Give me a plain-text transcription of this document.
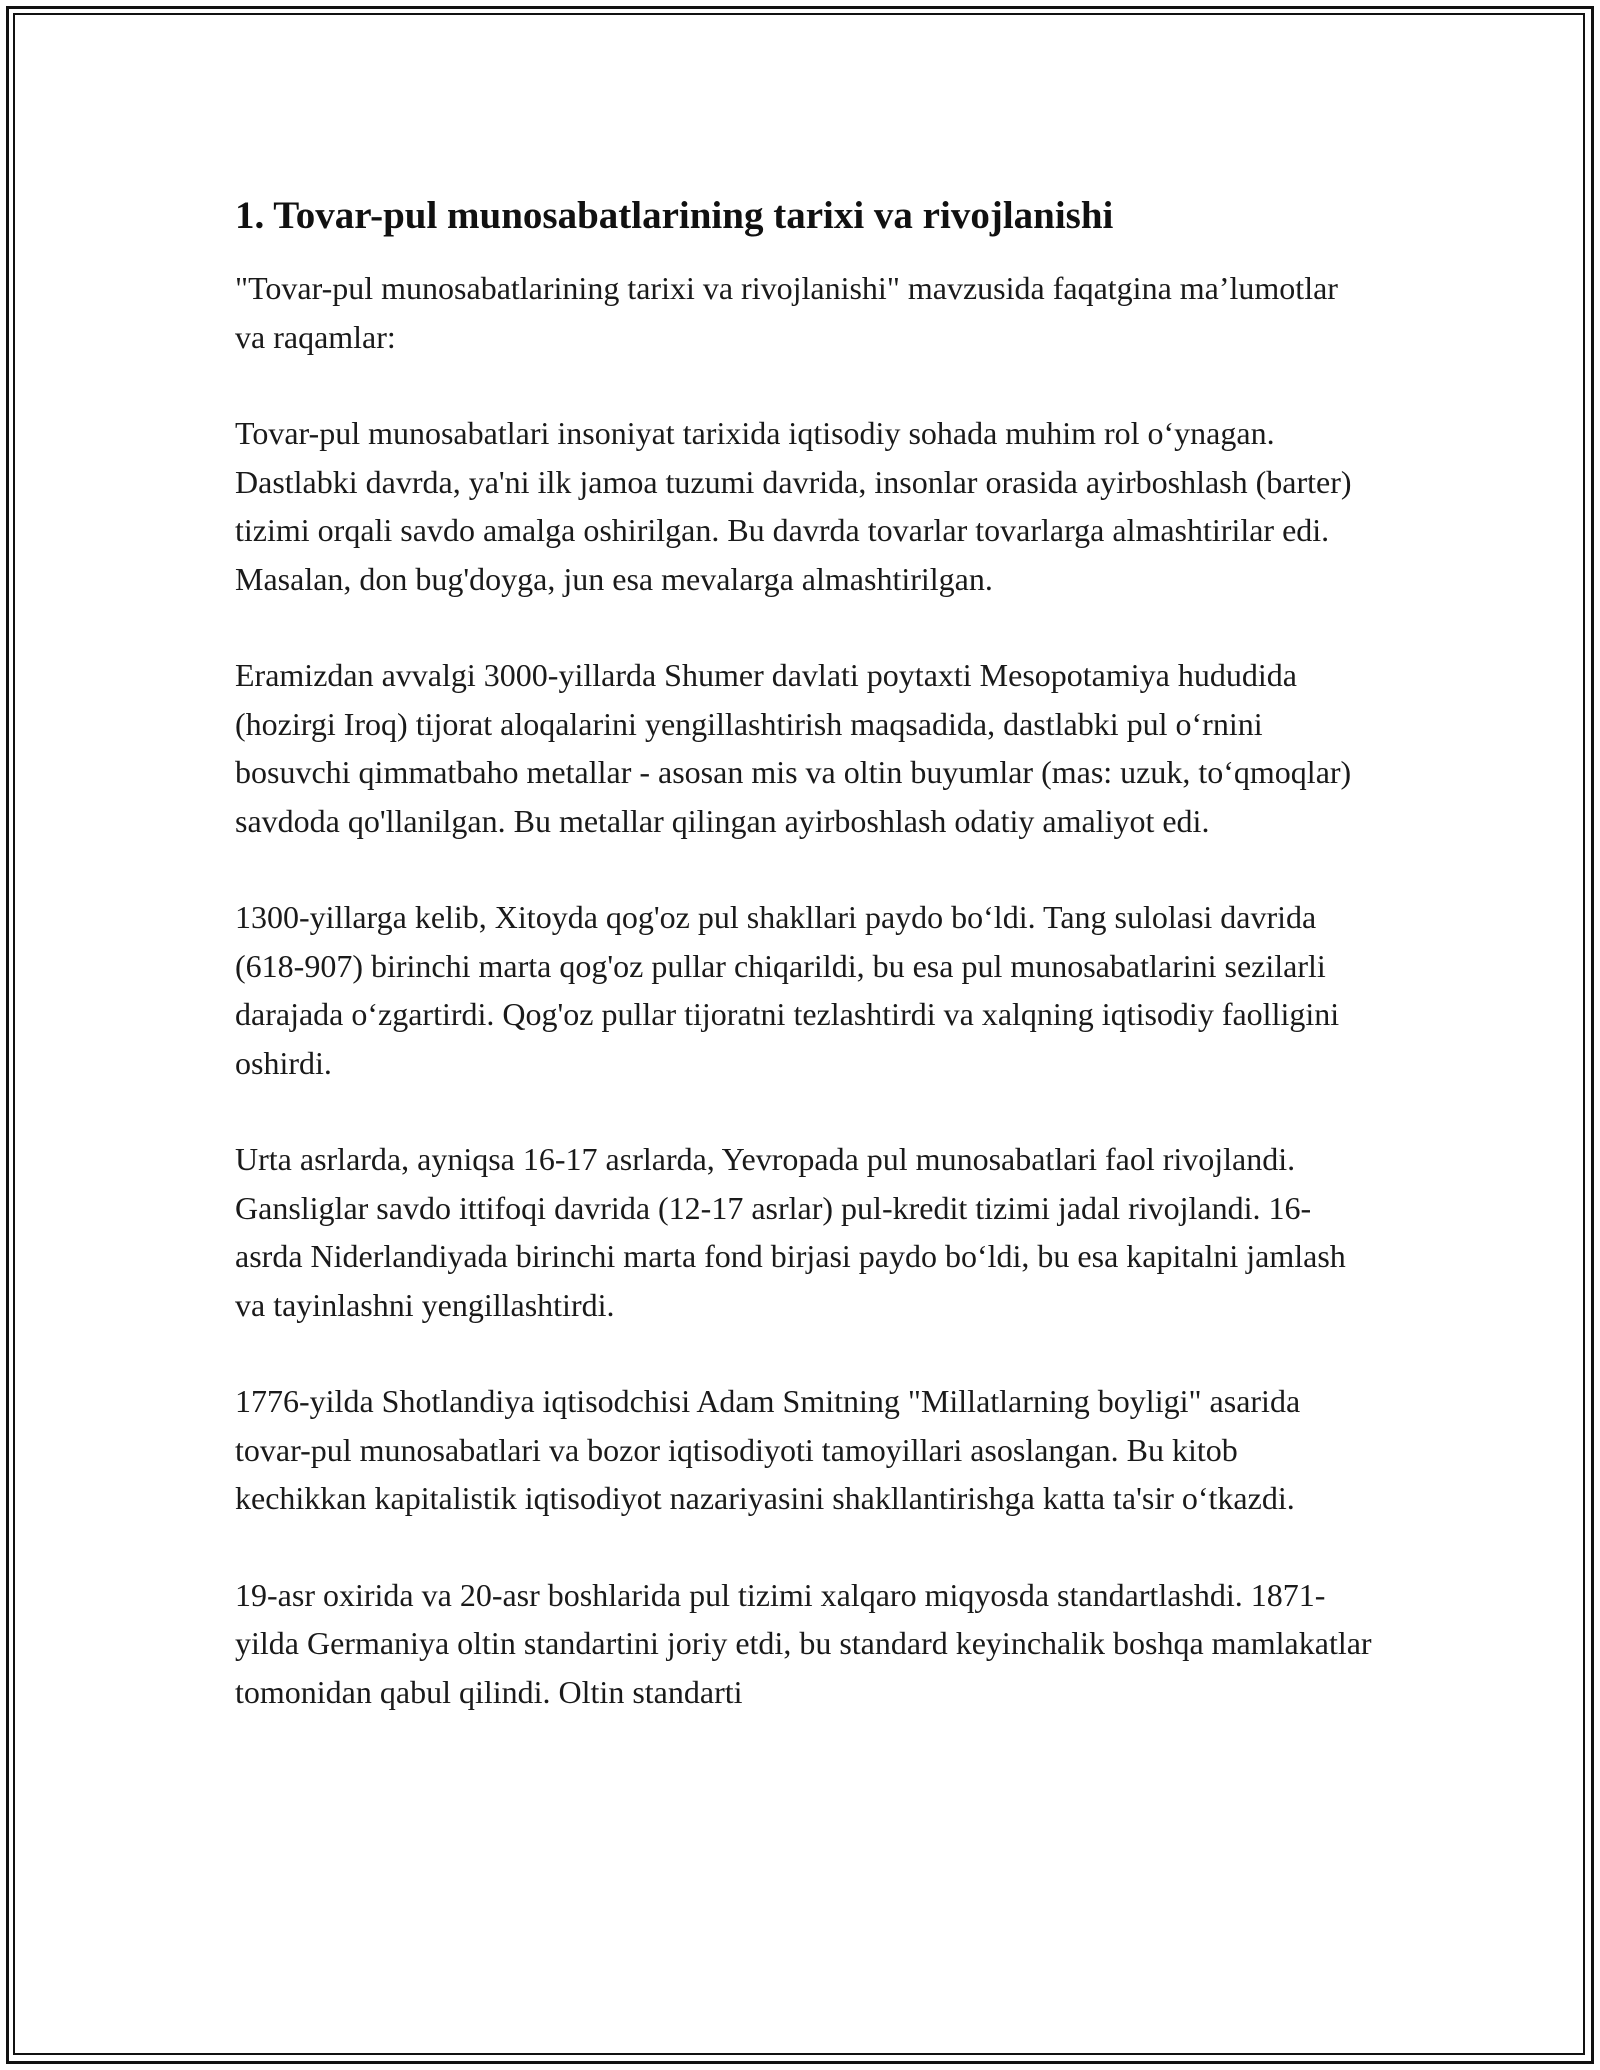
1. Tovar-pul munosabatlarining tarixi va rivojlanishi

"Tovar-pul munosabatlarining tarixi va rivojlanishi" mavzusida faqatgina ma’lumotlar va raqamlar:

Tovar-pul munosabatlari insoniyat tarixida iqtisodiy sohada muhim rol o‘ynagan. Dastlabki davrda, ya'ni ilk jamoa tuzumi davrida, insonlar orasida ayirboshlash (barter) tizimi orqali savdo amalga oshirilgan. Bu davrda tovarlar tovarlarga almashtirilar edi. Masalan, don bug'doyga, jun esa mevalarga almashtirilgan.

Eramizdan avvalgi 3000-yillarda Shumer davlati poytaxti Mesopotamiya hududida (hozirgi Iroq) tijorat aloqalarini yengillashtirish maqsadida, dastlabki pul o‘rnini bosuvchi qimmatbaho metallar - asosan mis va oltin buyumlar (mas: uzuk, to‘qmoqlar) savdoda qo'llanilgan. Bu metallar qilingan ayirboshlash odatiy amaliyot edi.

1300-yillarga kelib, Xitoyda qog'oz pul shakllari paydo bo‘ldi. Tang sulolasi davrida (618-907) birinchi marta qog'oz pullar chiqarildi, bu esa pul munosabatlarini sezilarli darajada o‘zgartirdi. Qog'oz pullar tijoratni tezlashtirdi va xalqning iqtisodiy faolligini oshirdi.

Urta asrlarda, ayniqsa 16-17 asrlarda, Yevropada pul munosabatlari faol rivojlandi. Gansliglar savdo ittifoqi davrida (12-17 asrlar) pul-kredit tizimi jadal rivojlandi. 16-asrda Niderlandiyada birinchi marta fond birjasi paydo bo‘ldi, bu esa kapitalni jamlash va tayinlashni yengillashtirdi.

1776-yilda Shotlandiya iqtisodchisi Adam Smitning "Millatlarning boyligi" asarida tovar-pul munosabatlari va bozor iqtisodiyoti tamoyillari asoslangan. Bu kitob kechikkan kapitalistik iqtisodiyot nazariyasini shakllantirishga katta ta'sir o‘tkazdi.

19-asr oxirida va 20-asr boshlarida pul tizimi xalqaro miqyosda standartlashdi. 1871-yilda Germaniya oltin standartini joriy etdi, bu standard keyinchalik boshqa mamlakatlar tomonidan qabul qilindi. Oltin standarti
